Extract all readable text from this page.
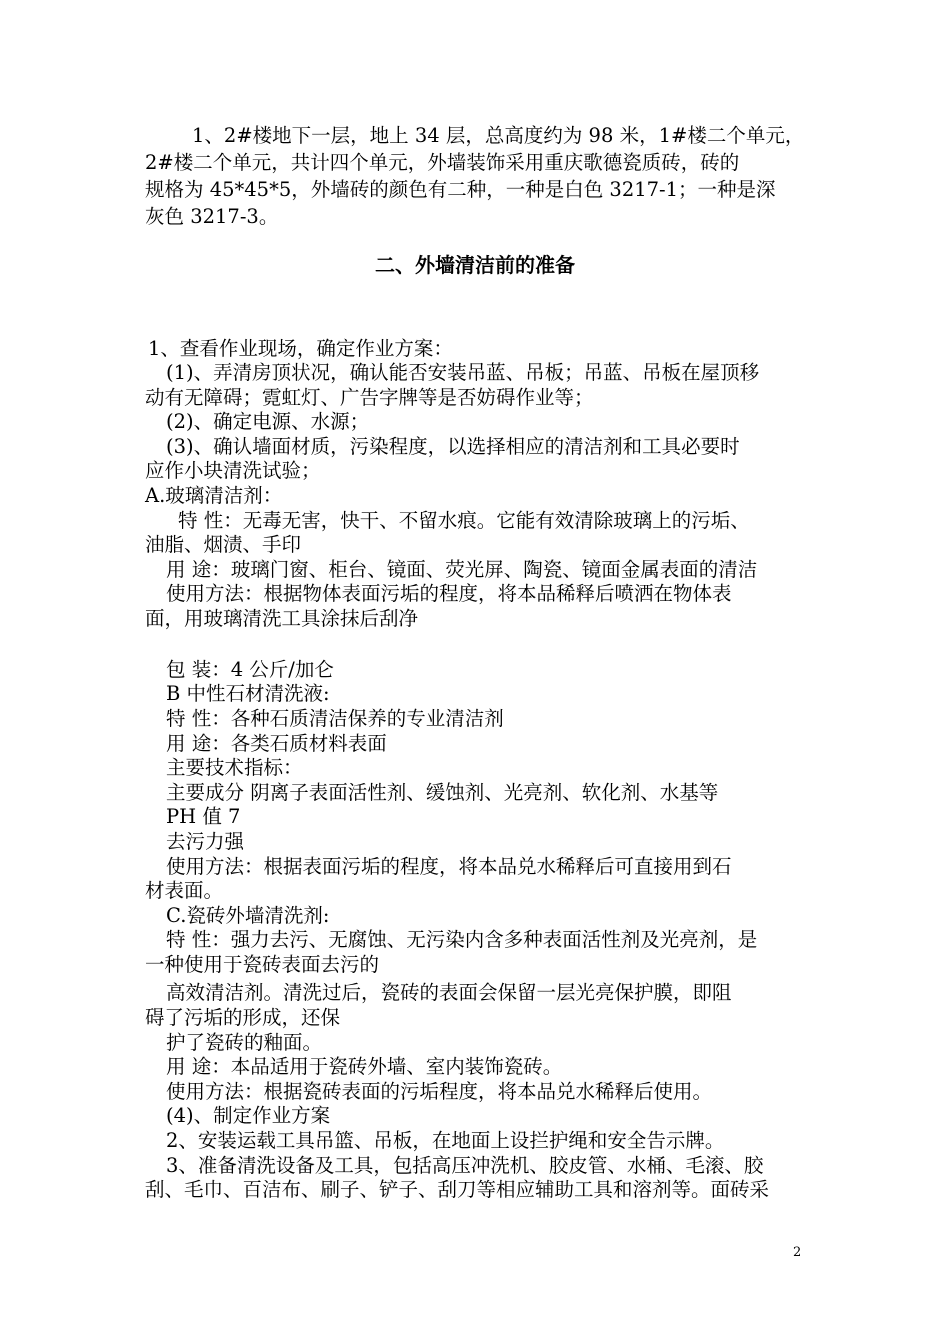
1、2#楼地下一层，地上 34 层，总高度约为 98 米，1#楼二个单元，
2#楼二个单元，共计四个单元，外墙装饰采用重庆歌德瓷质砖，砖的
规格为 45*45*5，外墙砖的颜色有二种，一种是白色 3217-1；一种是深
灰色 3217-3。
二、外墙清洁前的准备
1、查看作业现场，确定作业方案：
(1)、弄清房顶状况，确认能否安装吊蓝、吊板；吊蓝、吊板在屋顶移
动有无障碍；霓虹灯、广告字牌等是否妨碍作业等；
(2)、确定电源、水源；
(3)、确认墙面材质，污染程度，以选择相应的清洁剂和工具必要时
应作小块清洗试验；
A.玻璃清洁剂：
特 性：无毒无害，快干、不留水痕。它能有效清除玻璃上的污垢、
油脂、烟渍、手印
用 途：玻璃门窗、柜台、镜面、荧光屏、陶瓷、镜面金属表面的清洁
使用方法：根据物体表面污垢的程度，将本品稀释后喷洒在物体表
面，用玻璃清洗工具涂抹后刮净
包 装：4 公斤/加仑
B 中性石材清洗液:
特 性：各种石质清洁保养的专业清洁剂
用 途：各类石质材料表面
主要技术指标：
主要成分 阴离子表面活性剂、缓蚀剂、光亮剂、软化剂、水基等
PH 值 7
去污力强
使用方法：根据表面污垢的程度，将本品兑水稀释后可直接用到石
材表面。
C.瓷砖外墙清洗剂:
特 性：强力去污、无腐蚀、无污染内含多种表面活性剂及光亮剂，是
一种使用于瓷砖表面去污的
高效清洁剂。清洗过后，瓷砖的表面会保留一层光亮保护膜，即阻
碍了污垢的形成，还保
护了瓷砖的釉面。
用 途：本品适用于瓷砖外墙、室内装饰瓷砖。
使用方法：根据瓷砖表面的污垢程度，将本品兑水稀释后使用。
(4)、制定作业方案
2、安装运载工具吊篮、吊板，在地面上设拦护绳和安全告示牌。
3、准备清洗设备及工具，包括高压冲洗机、胶皮管、水桶、毛滚、胶
刮、毛巾、百洁布、刷子、铲子、刮刀等相应辅助工具和溶剂等。面砖采
2
